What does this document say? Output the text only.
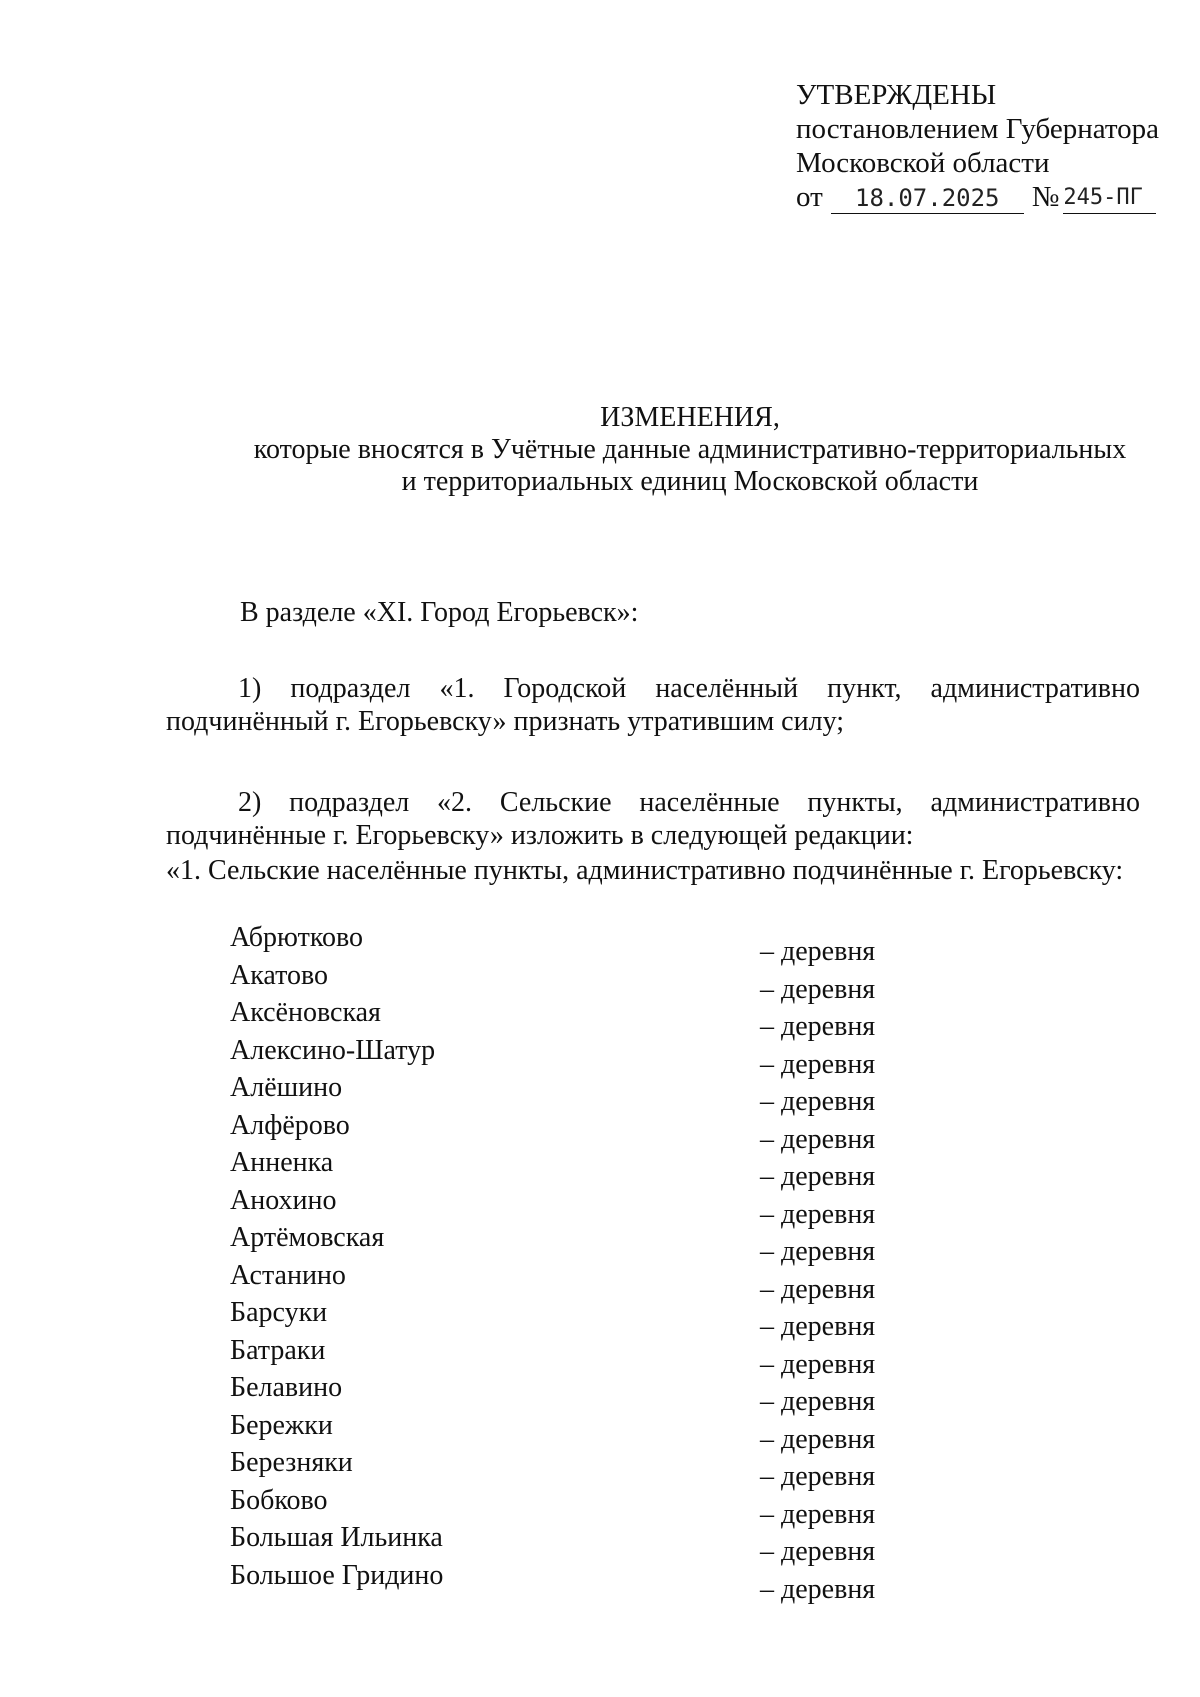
УТВЕРЖДЕНЫ
постановлением Губернатора
Московской области
от	18.07.2025	№ 245-ПГ
ИЗМЕНЕНИЯ,
которые вносятся в Учётные данные административно-территориальных
и территориальных единиц Московской области
В разделе «XI. Город Егорьевск»:
1) подраздел «1. Городской населённый пункт, административно подчинённый г. Егорьевску» признать утратившим силу;
2) подраздел «2. Сельские населённые пункты, административно подчинённые г. Егорьевску» изложить в следующей редакции:
«1. Сельские населённые пункты, административно подчинённые г. Егорьевску:
Абрютково	– деревня
Акатово	– деревня
Аксёновская	– деревня
Алексино-Шатур	– деревня
Алёшино	– деревня
Алфёрово	– деревня
Анненка	– деревня
Анохино	– деревня
Артёмовская	– деревня
Астанино	– деревня
Барсуки	– деревня
Батраки	– деревня
Белавино	– деревня
Бережки	– деревня
Березняки	– деревня
Бобково	– деревня
Большая Ильинка	– деревня
Большое Гридино	– деревня
